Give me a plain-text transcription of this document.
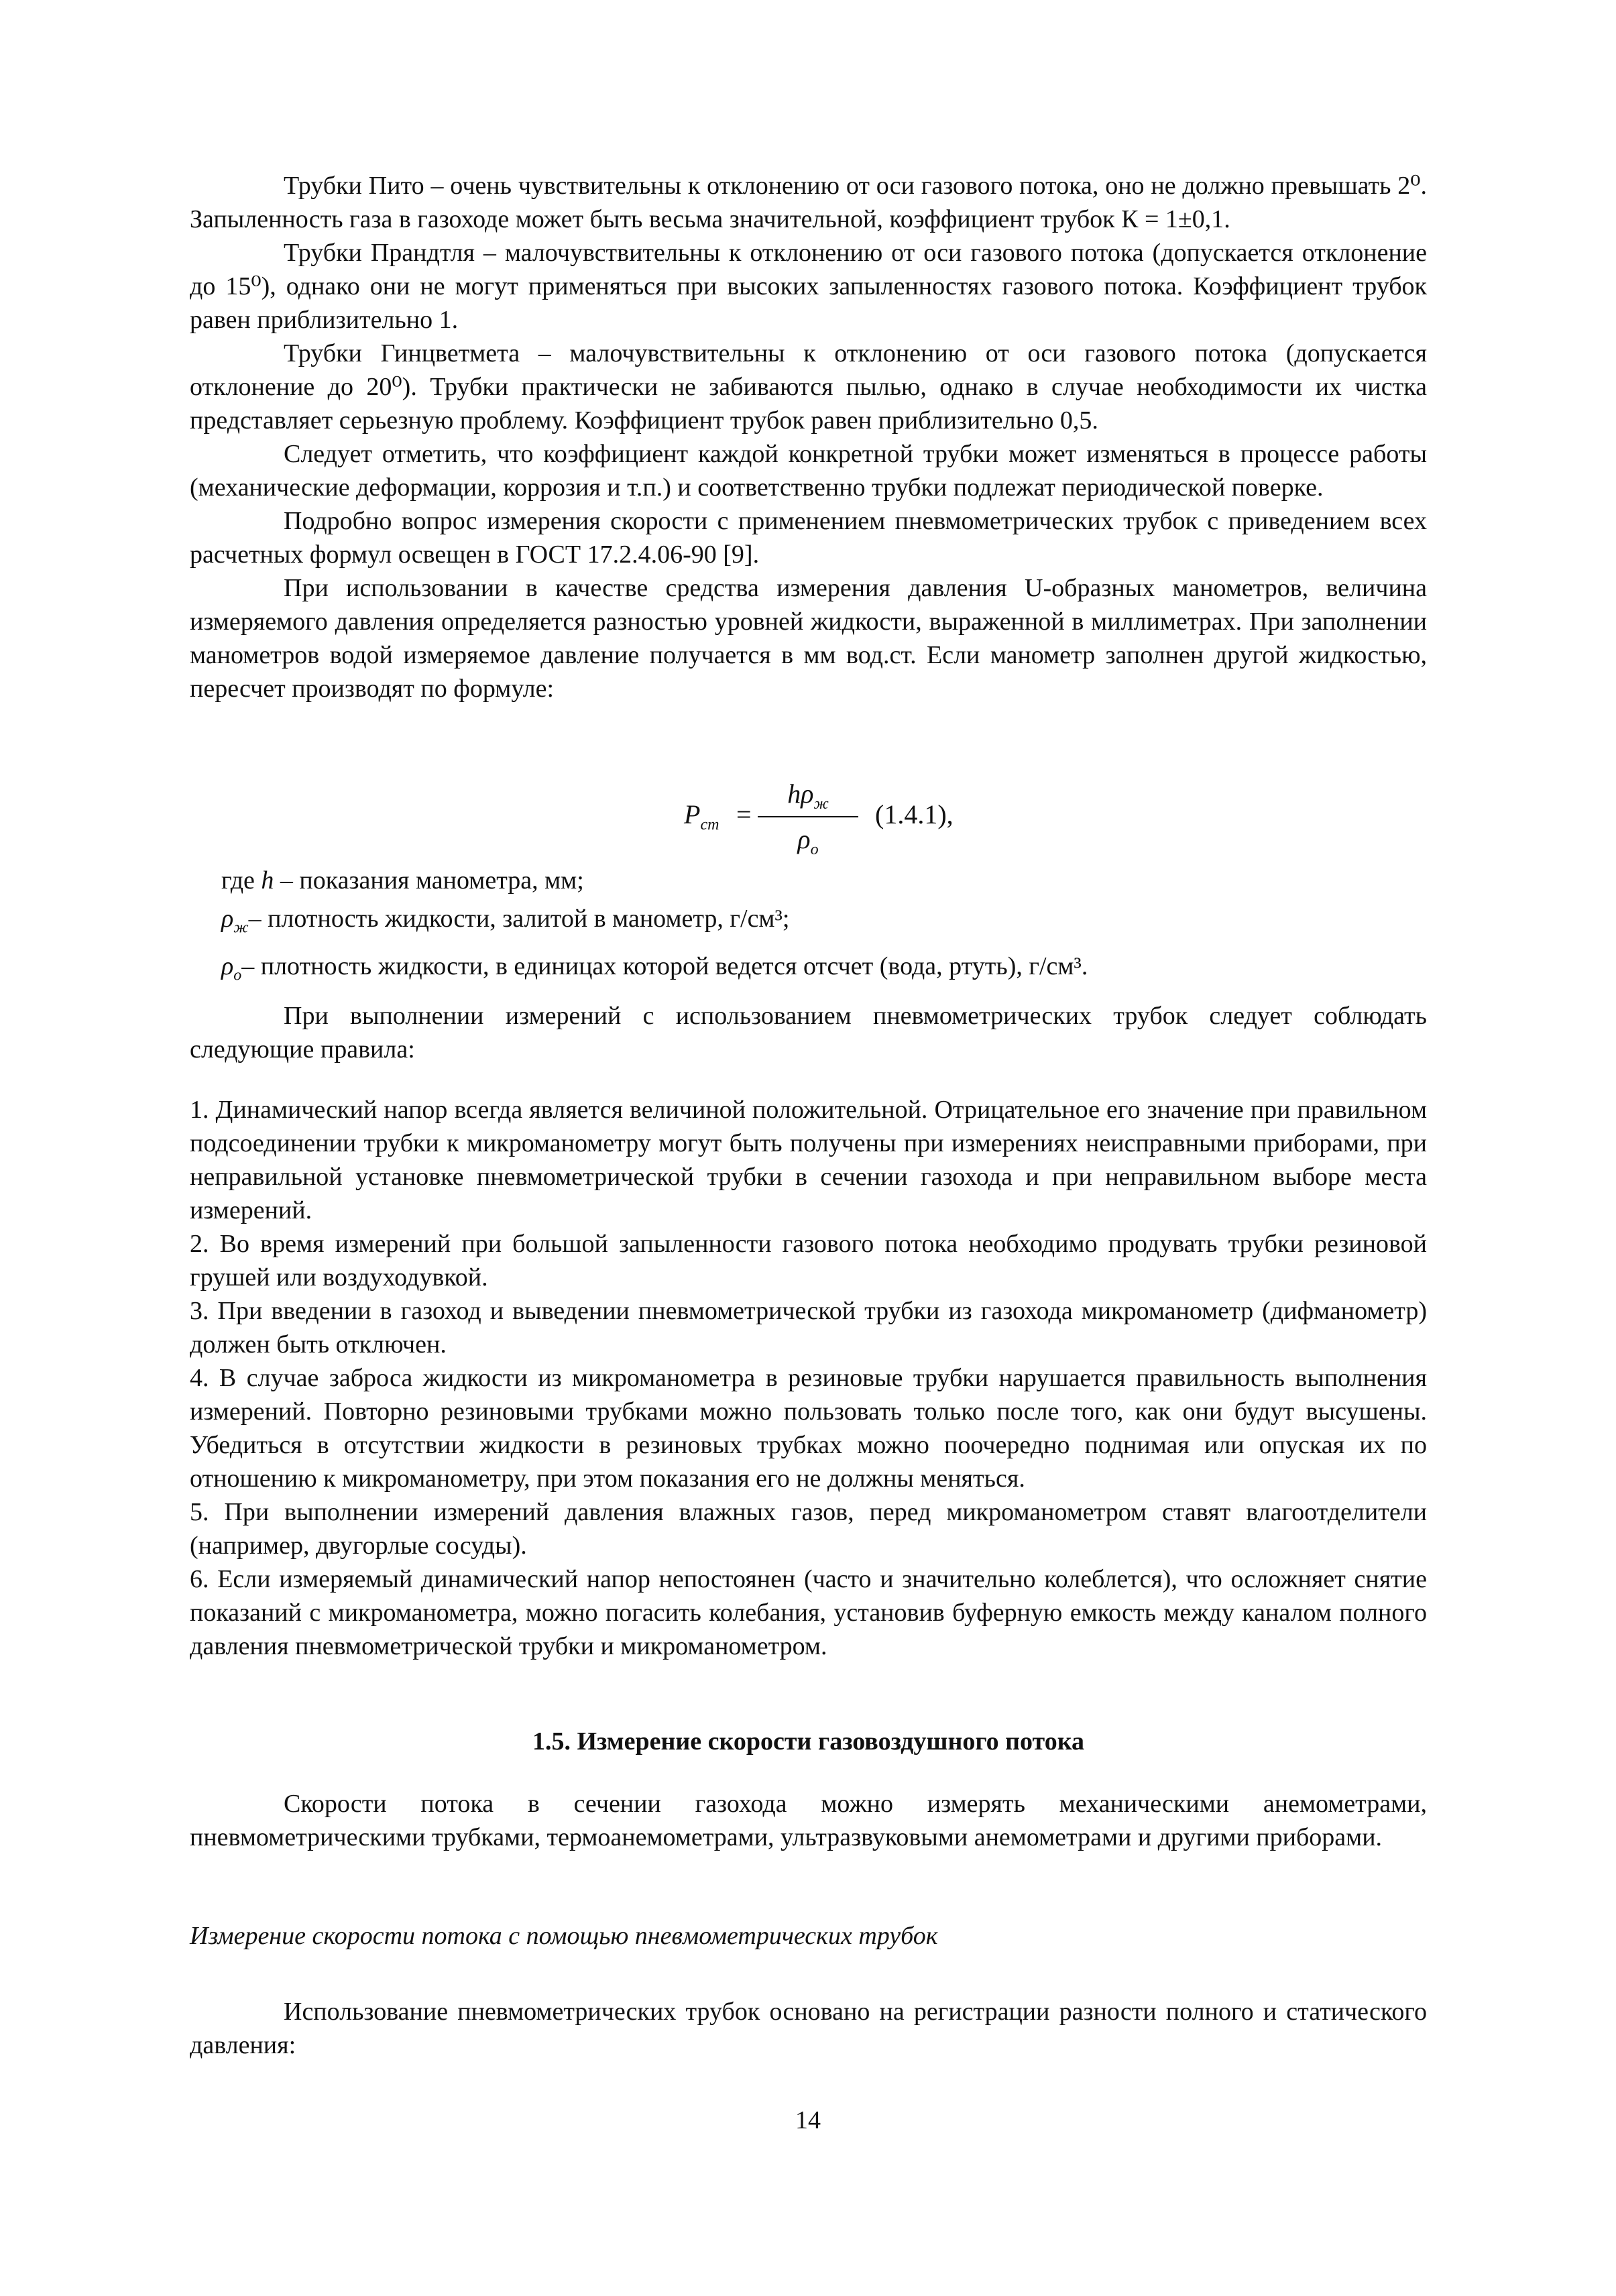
Трубки Пито – очень чувствительны к отклонению от оси газового потока, оно не должно превышать 2⁰. Запыленность газа в газоходе может быть весьма значительной, коэффициент трубок К = 1±0,1.

Трубки Прандтля – малочувствительны к отклонению от оси газового потока (допускается отклонение до 15⁰), однако они не могут применяться при высоких запыленностях газового потока. Коэффициент трубок равен приблизительно 1.

Трубки Гинцветмета – малочувствительны к отклонению от оси газового потока (допускается отклонение до 20⁰). Трубки практически не забиваются пылью, однако в случае необходимости их чистка представляет серьезную проблему. Коэффициент трубок равен приблизительно 0,5.

Следует отметить, что коэффициент каждой конкретной трубки может изменяться в процессе работы (механические деформации, коррозия и т.п.) и соответственно трубки подлежат периодической поверке.

Подробно вопрос измерения скорости с применением пневмометрических трубок с приведением всех расчетных формул освещен в ГОСТ 17.2.4.06-90 [9].

При использовании в качестве средства измерения давления U-образных манометров, величина измеряемого давления определяется разностью уровней жидкости, выраженной в миллиметрах. При заполнении манометров водой измеряемое давление получается в мм вод.ст. Если манометр заполнен другой жидкостью, пересчет производят по формуле:

$P_{ст}$ =
$h\rho_ж$
$\rho_о$
(1.4.1),
где h – показания манометра, мм;
$\rho_ж-$ плотность жидкости, залитой в манометр, г/см³;
$\rho_о-$ плотность жидкости, в единицах которой ведется отсчет (вода, ртуть), г/см³.

При выполнении измерений с использованием пневмометрических трубок следует соблюдать следующие правила:

1. Динамический напор всегда является величиной положительной. Отрицательное его значение при правильном подсоединении трубки к микроманометру могут быть получены при измерениях неисправными приборами, при неправильной установке пневмометрической трубки в сечении газохода и при неправильном выборе места измерений.

2. Во время измерений при большой запыленности газового потока необходимо продувать трубки резиновой грушей или воздуходувкой.

3. При введении в газоход и выведении пневмометрической трубки из газохода микроманометр (дифманометр) должен быть отключен.

4. В случае заброса жидкости из микроманометра в резиновые трубки нарушается правильность выполнения измерений. Повторно резиновыми трубками можно пользовать только после того, как они будут высушены. Убедиться в отсутствии жидкости в резиновых трубках можно поочередно поднимая или опуская их по отношению к микроманометру, при этом показания его не должны меняться.

5. При выполнении измерений давления влажных газов, перед микроманометром ставят влагоотделители (например, двугорлые сосуды).

6. Если измеряемый динамический напор непостоянен (часто и значительно колеблется), что осложняет снятие показаний с микроманометра, можно погасить колебания, установив буферную емкость между каналом полного давления пневмометрической трубки и микроманометром.

1.5. Измерение скорости газовоздушного потока

Скорости потока в сечении газохода можно измерять механическими анемометрами, пневмометрическими трубками, термоанемометрами, ультразвуковыми анемометрами и другими приборами.

Измерение скорости потока с помощью пневмометрических трубок

Использование пневмометрических трубок основано на регистрации разности полного и статического давления:

14
